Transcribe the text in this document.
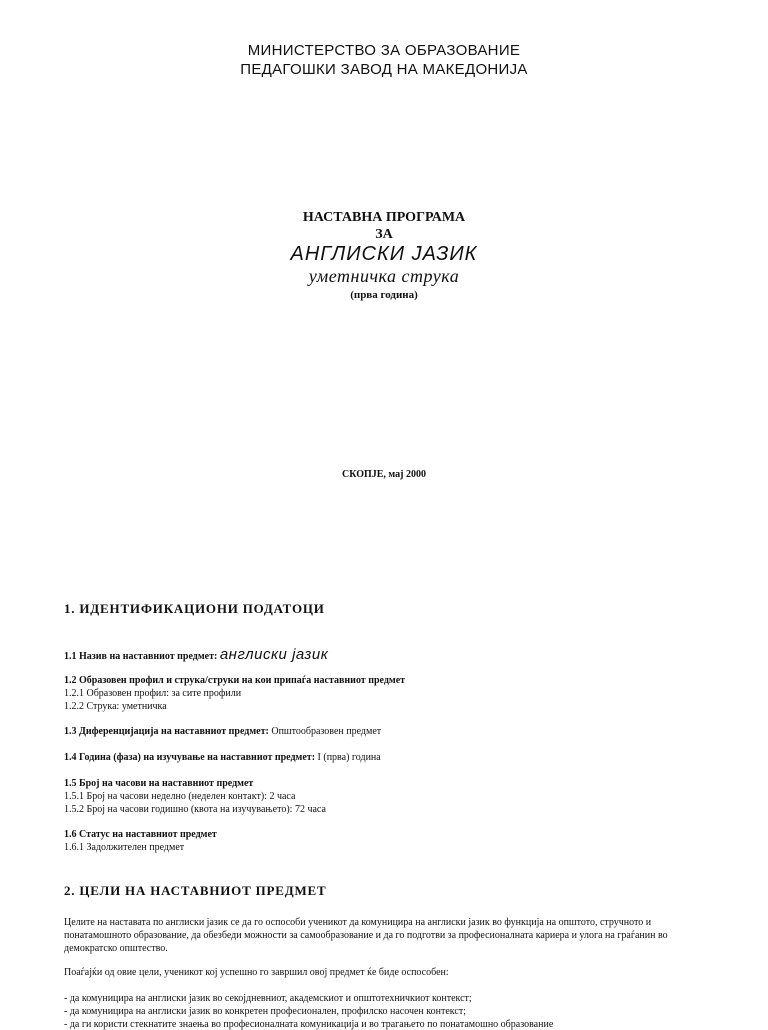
МИНИСТЕРСТВО ЗА ОБРАЗОВАНИЕ
ПЕДАГОШКИ ЗАВОД НА МАКЕДОНИЈА
НАСТАВНА ПРОГРАМА
ЗА
АНГЛИСКИ ЈАЗИК
уметничка струка
(прва година)
СКОПЈЕ, мај 2000
1. ИДЕНТИФИКАЦИОНИ ПОДАТОЦИ
1.1 Назив на наставниот предмет: англиски јазик
1.2 Образовен профил и струка/струки на кои припаѓа наставниот предмет
1.2.1 Образовен профил: за сите профили
1.2.2 Струка: уметничка
1.3 Диференцијација на наставниот предмет: Општообразовен предмет
1.4 Година (фаза) на изучување на наставниот предмет: I (прва) година
1.5 Број на часови на наставниот предмет
1.5.1 Број на часови неделно (неделен контакт): 2 часа
1.5.2 Број на часови годишно (квота на изучувањето): 72 часа
1.6 Статус на наставниот предмет
1.6.1 Задолжителен предмет
2. ЦЕЛИ НА НАСТАВНИОТ ПРЕДМЕТ
Целите на наставата по англиски јазик се да го оспособи ученикот да комуницира на англиски јазик во функција на општото, стручното и понатамошното образование, да обезбеди можности за самообразование и да го подготви за професионалната кариера и улога на граѓанин во демократско општество.
Поаѓајќи од овие цели, ученикот кој успешно го завршил овој предмет ќе биде оспособен:
- да комуницира на англиски јазик во секојдневниот, академскиот и општотехничкиот контекст;
- да комуницира на англиски јазик во конкретен професионален, профилско насочен контекст;
- да ги користи стекнатите знаења во професионалната комуникација и во трагањето по понатамошно образование
